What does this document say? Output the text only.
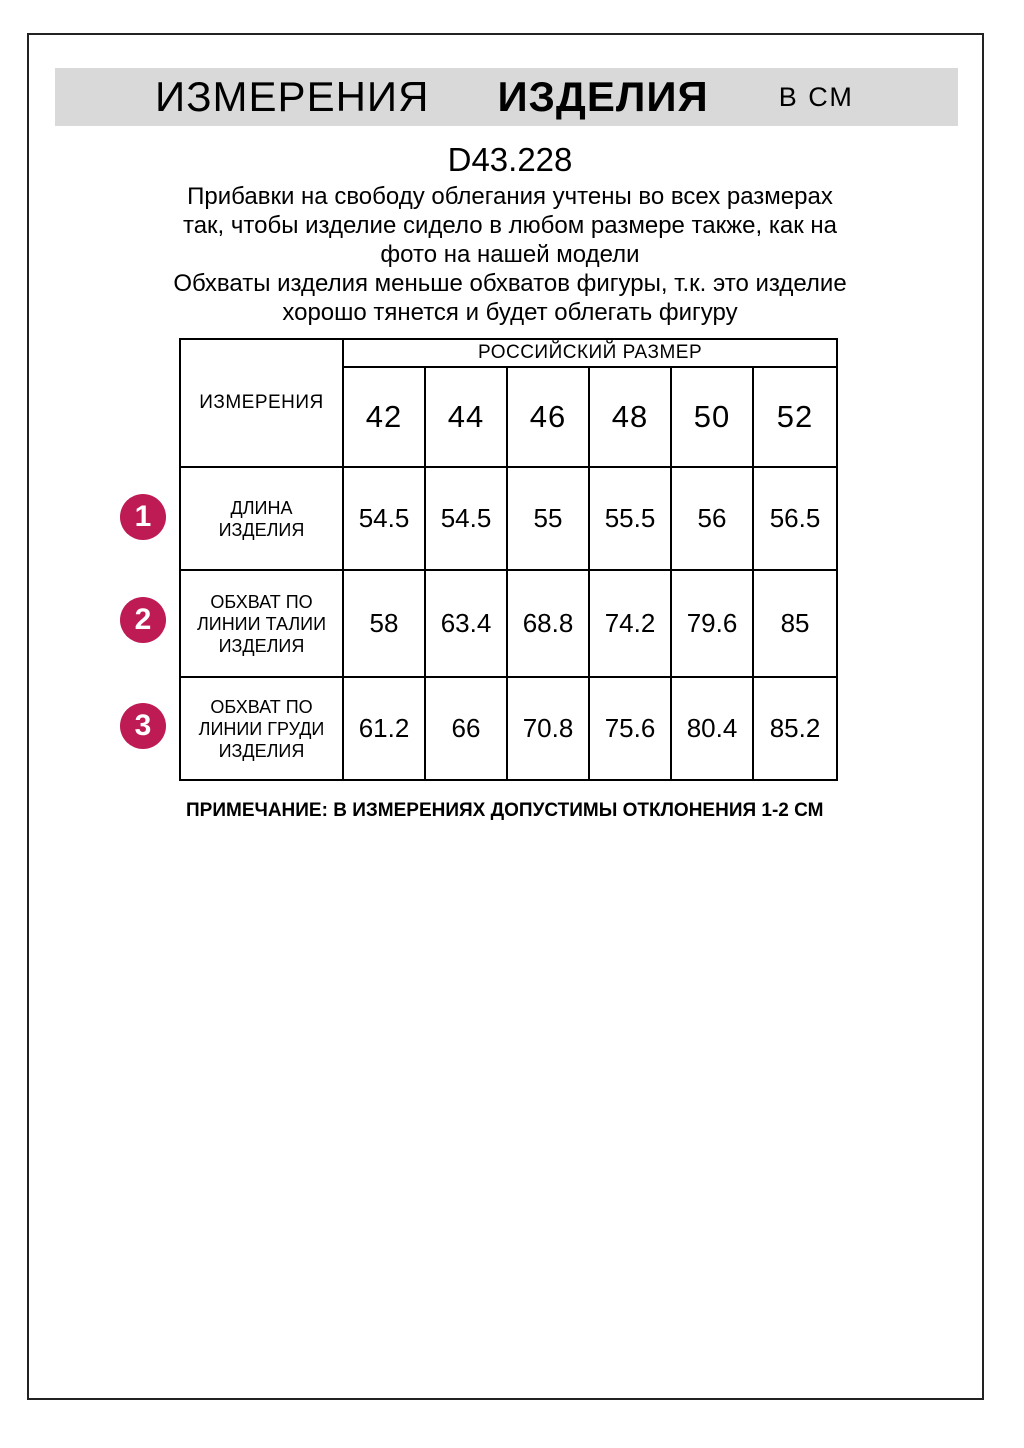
ИЗМЕРЕНИЯ ИЗДЕЛИЯ	В СМ
D43.228
Прибавки на свободу облегания учтены во всех размерах
так, чтобы изделие сидело в любом размере также, как на
фото на нашей модели
Обхваты изделия меньше обхватов фигуры, т.к. это изделие
хорошо тянется и будет облегать фигуру
ИЗМЕРЕНИЯ	РОССИЙСКИЙ РАЗМЕР					
	42	44	46	48	50	52
ДЛИНА ИЗДЕЛИЯ	54.5	54.5	55	55.5	56	56.5
ОБХВАТ ПО ЛИНИИ ТАЛИИ ИЗДЕЛИЯ	58	63.4	68.8	74.2	79.6	85
ОБХВАТ ПО ЛИНИИ ГРУДИ ИЗДЕЛИЯ	61.2	66	70.8	75.6	80.4	85.2
1
2
3
ПРИМЕЧАНИЕ: В ИЗМЕРЕНИЯХ ДОПУСТИМЫ ОТКЛОНЕНИЯ 1-2 СМ
